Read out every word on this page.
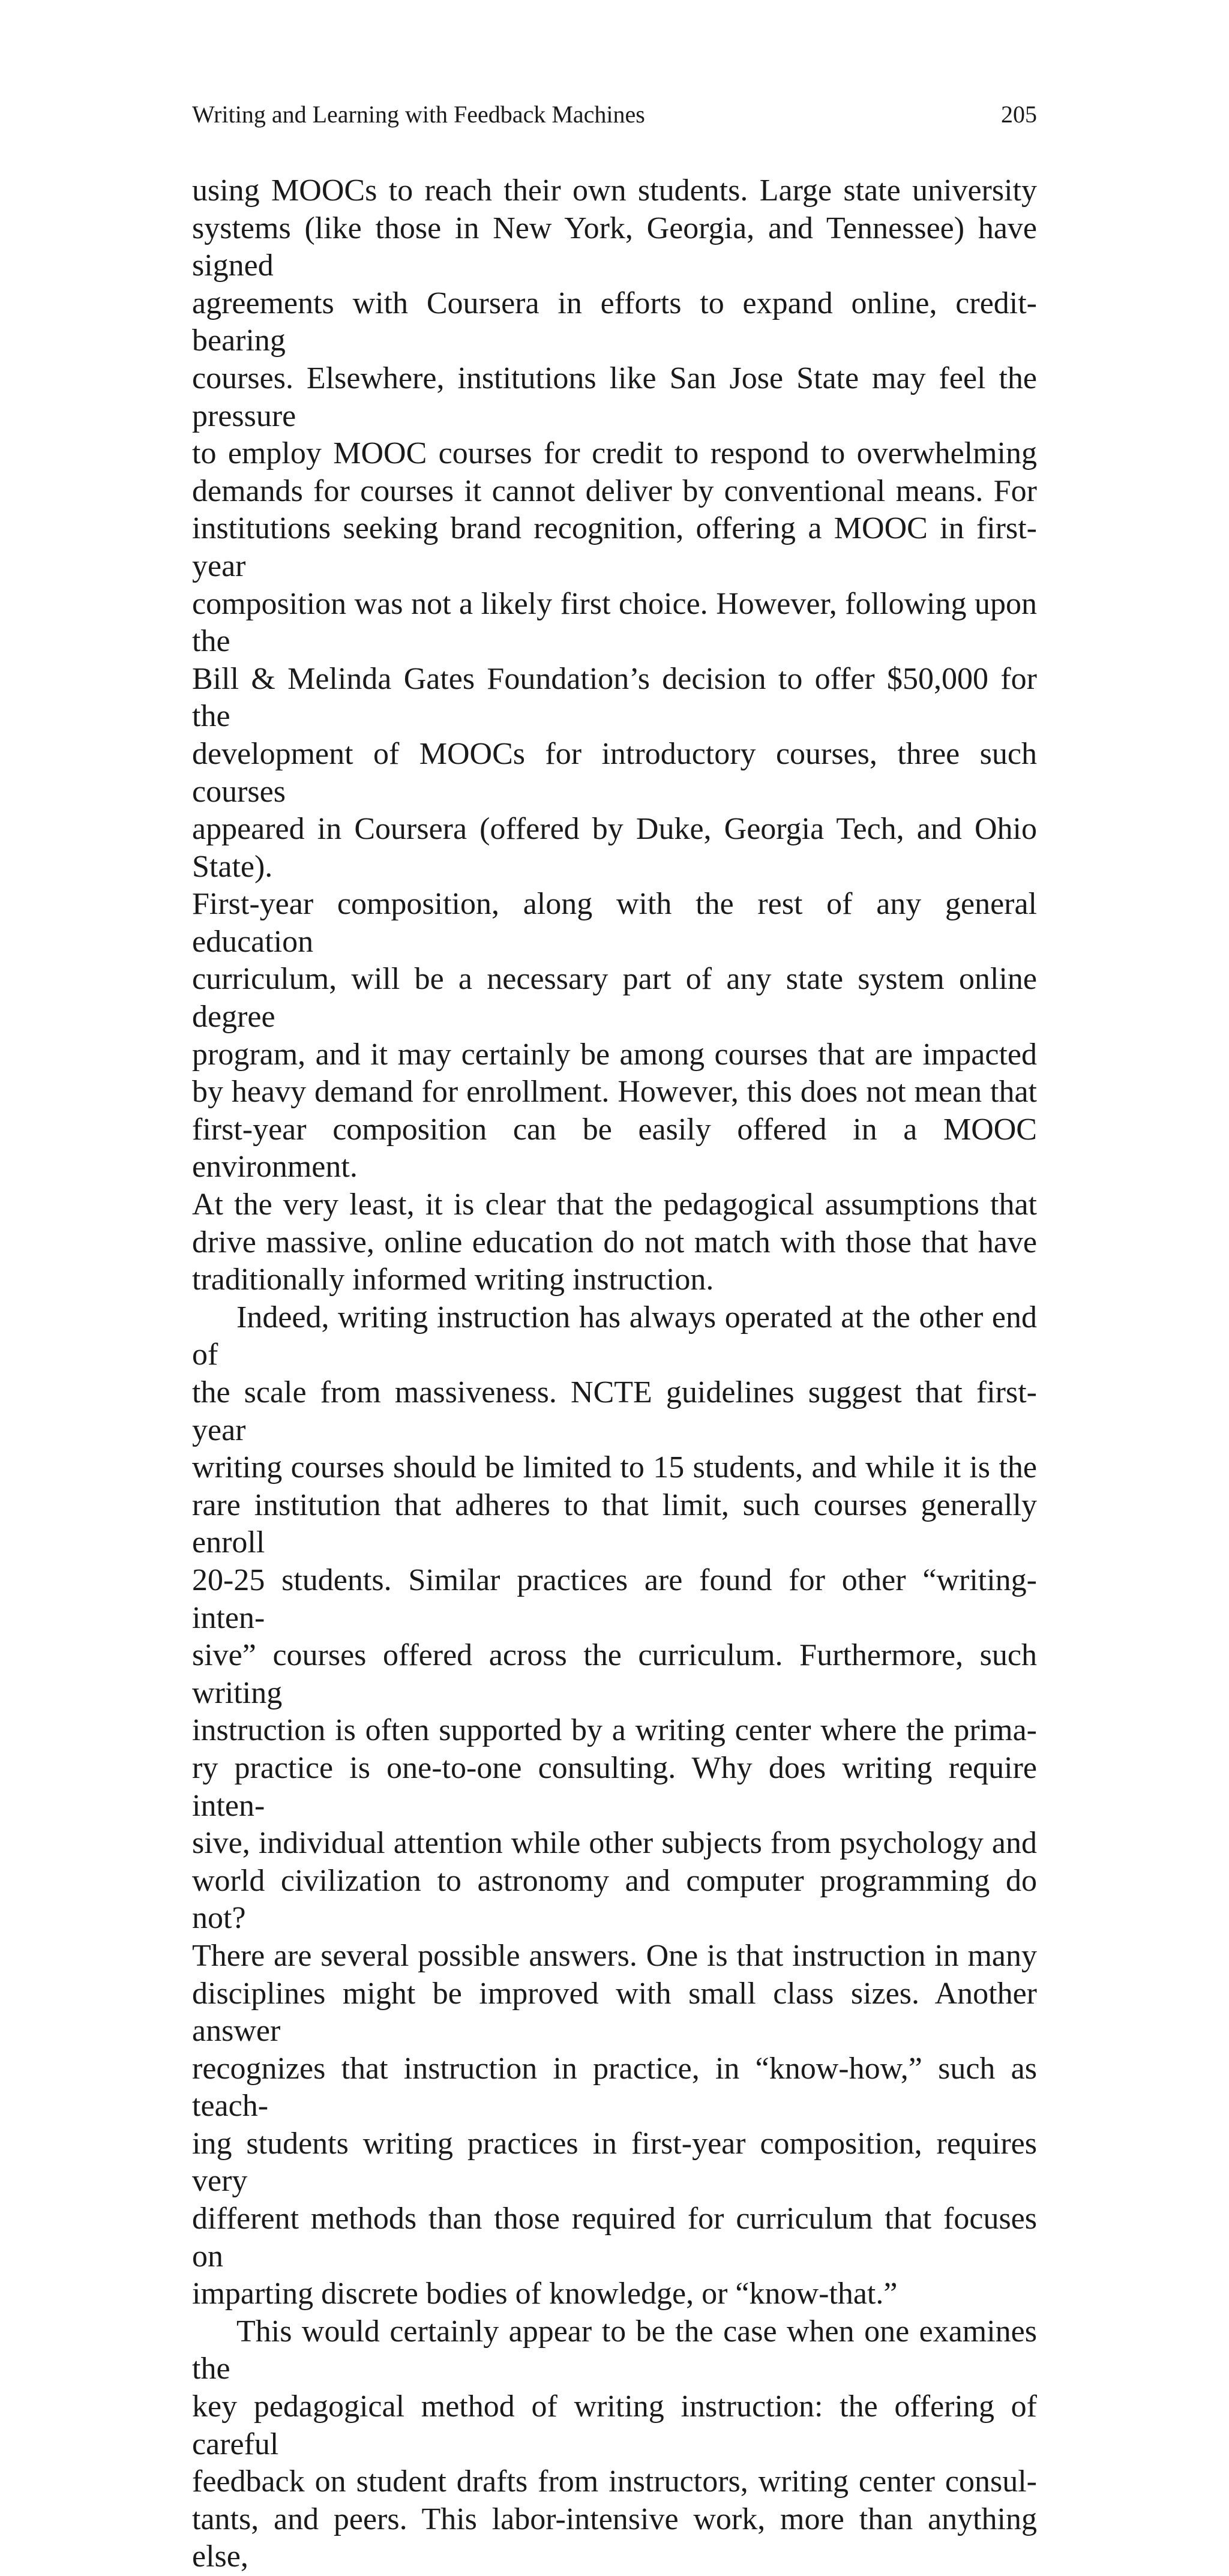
Writing and Learning with Feedback Machines	205

using MOOCs to reach their own students. Large state university

systems (like those in New York, Georgia, and Tennessee) have signed

agreements with Coursera in efforts to expand online, credit-bearing

courses. Elsewhere, institutions like San Jose State may feel the pressure

to employ MOOC courses for credit to respond to overwhelming

demands for courses it cannot deliver by conventional means. For

institutions seeking brand recognition, offering a MOOC in first-year

composition was not a likely first choice. However, following upon the

Bill & Melinda Gates Foundation’s decision to offer $50,000 for the

development of MOOCs for introductory courses, three such courses

appeared in Coursera (offered by Duke, Georgia Tech, and Ohio State).

First-year composition, along with the rest of any general education

curriculum, will be a necessary part of any state system online degree

program, and it may certainly be among courses that are impacted

by heavy demand for enrollment. However, this does not mean that

first-year composition can be easily offered in a MOOC environment.

At the very least, it is clear that the pedagogical assumptions that

drive massive, online education do not match with those that have

traditionally informed writing instruction.

Indeed, writing instruction has always operated at the other end of

the scale from massiveness. NCTE guidelines suggest that first-year

writing courses should be limited to 15 students, and while it is the

rare institution that adheres to that limit, such courses generally enroll

20-25 students. Similar practices are found for other “writing-inten-

sive” courses offered across the curriculum. Furthermore, such writing

instruction is often supported by a writing center where the prima-

ry practice is one-to-one consulting. Why does writing require inten-

sive, individual attention while other subjects from psychology and

world civilization to astronomy and computer programming do not?

There are several possible answers. One is that instruction in many

disciplines might be improved with small class sizes. Another answer

recognizes that instruction in practice, in “know-how,” such as teach-

ing students writing practices in first-year composition, requires very

different methods than those required for curriculum that focuses on

imparting discrete bodies of knowledge, or “know-that.”

This would certainly appear to be the case when one examines the

key pedagogical method of writing instruction: the offering of careful

feedback on student drafts from instructors, writing center consul-

tants, and peers. This labor-intensive work, more than anything else,
